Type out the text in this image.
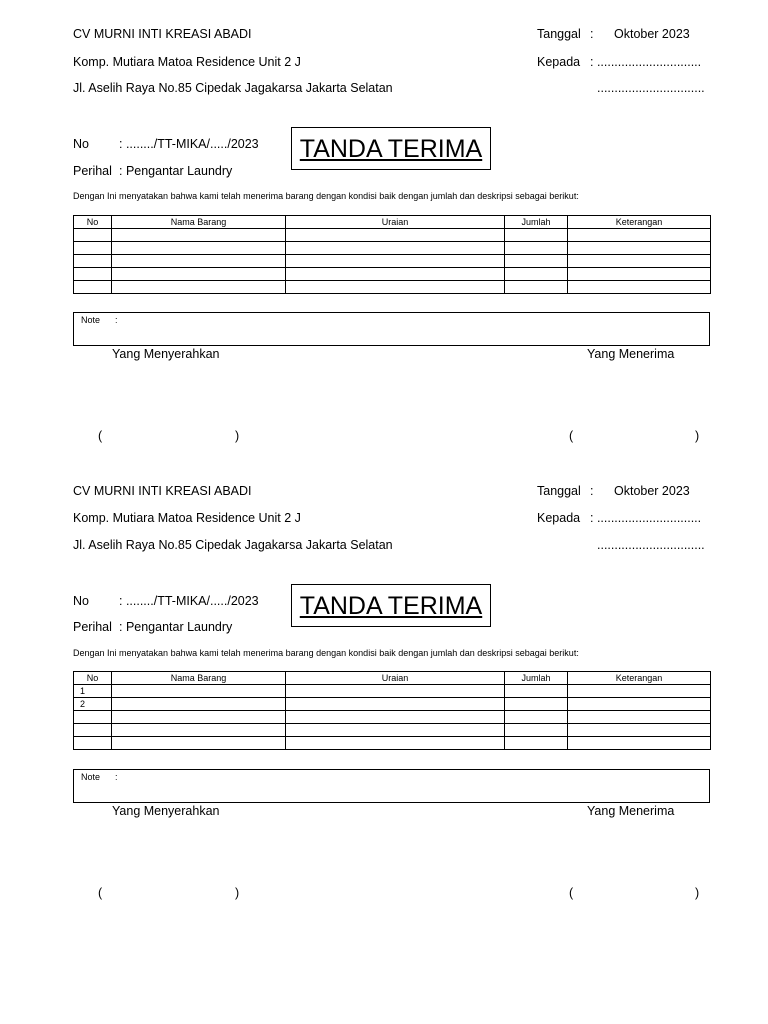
CV MURNI INTI KREASI ABADI
Komp. Mutiara Matoa Residence Unit 2 J
Jl. Aselih Raya No.85 Cipedak Jagakarsa Jakarta Selatan
Tanggal : Oktober 2023
Kepada : ..............................
...............................
No : ......../TT-MIKA/...../2023
Perihal : Pengantar Laundry
TANDA TERIMA
Dengan Ini menyatakan bahwa kami telah menerima barang dengan kondisi baik dengan jumlah dan deskripsi sebagai berikut:
No	Nama Barang	Uraian	Jumlah	Keterangan

Note :
Yang Menyerahkan	Yang Menerima
(	)	(	)
CV MURNI INTI KREASI ABADI
Komp. Mutiara Matoa Residence Unit 2 J
Jl. Aselih Raya No.85 Cipedak Jagakarsa Jakarta Selatan
Tanggal : Oktober 2023
Kepada : ..............................
...............................
No : ......../TT-MIKA/...../2023
Perihal : Pengantar Laundry
TANDA TERIMA
Dengan Ini menyatakan bahwa kami telah menerima barang dengan kondisi baik dengan jumlah dan deskripsi sebagai berikut:
No	Nama Barang	Uraian	Jumlah	Keterangan
1				
2				

Note :
Yang Menyerahkan	Yang Menerima
(	)	(	)
